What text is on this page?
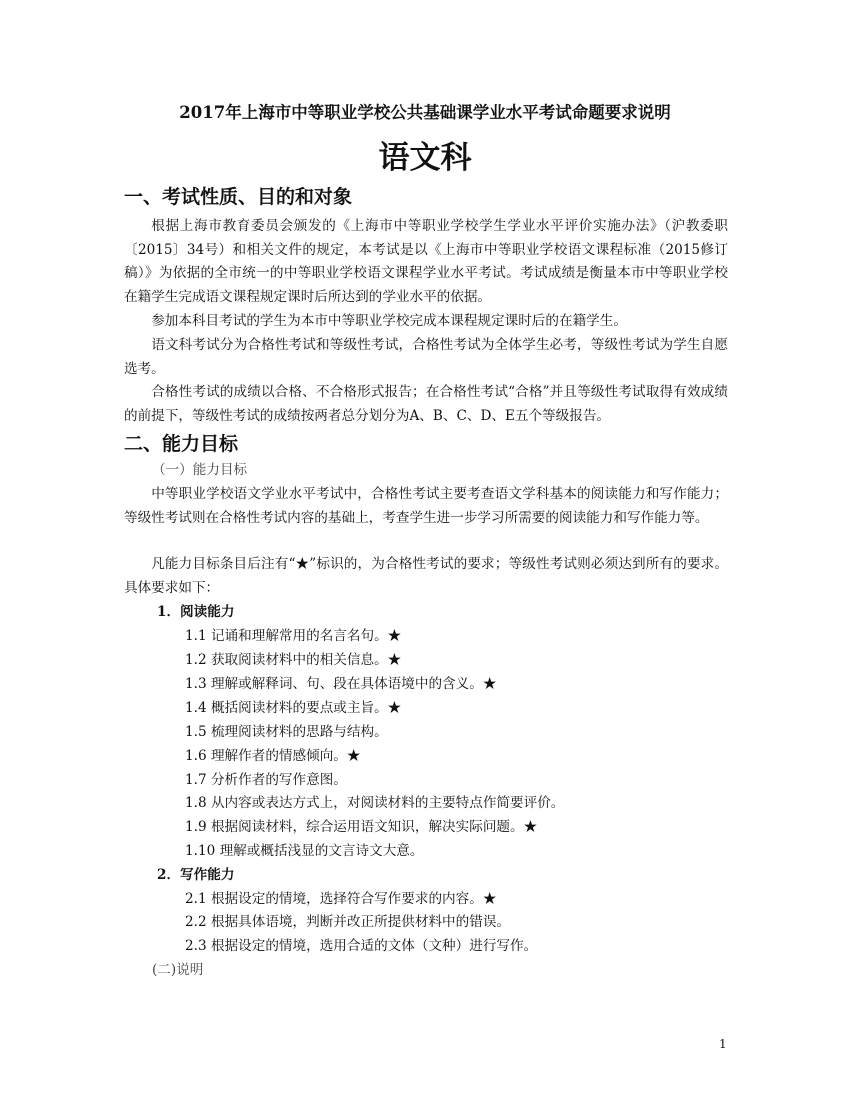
2017年上海市中等职业学校公共基础课学业水平考试命题要求说明
语文科
一、考试性质、目的和对象

根据上海市教育委员会颁发的《上海市中等职业学校学生学业水平评价实施办法》（沪教委职〔2015〕34号）和相关文件的规定，本考试是以《上海市中等职业学校语文课程标准（2015修订稿）》为依据的全市统一的中等职业学校语文课程学业水平考试。考试成绩是衡量本市中等职业学校在籍学生完成语文课程规定课时后所达到的学业水平的依据。

参加本科目考试的学生为本市中等职业学校完成本课程规定课时后的在籍学生。

语文科考试分为合格性考试和等级性考试，合格性考试为全体学生必考，等级性考试为学生自愿选考。

合格性考试的成绩以合格、不合格形式报告；在合格性考试“合格”并且等级性考试取得有效成绩的前提下，等级性考试的成绩按两者总分划分为A、B、C、D、E五个等级报告。

二、能力目标

（一）能力目标

中等职业学校语文学业水平考试中，合格性考试主要考查语文学科基本的阅读能力和写作能力；等级性考试则在合格性考试内容的基础上，考查学生进一步学习所需要的阅读能力和写作能力等。

凡能力目标条目后注有“★”标识的，为合格性考试的要求；等级性考试则必须达到所有的要求。具体要求如下：

1．阅读能力

1.1 记诵和理解常用的名言名句。★

1.2 获取阅读材料中的相关信息。★

1.3 理解或解释词、句、段在具体语境中的含义。★

1.4 概括阅读材料的要点或主旨。★

1.5 梳理阅读材料的思路与结构。

1.6 理解作者的情感倾向。★

1.7 分析作者的写作意图。

1.8 从内容或表达方式上，对阅读材料的主要特点作简要评价。

1.9 根据阅读材料，综合运用语文知识，解决实际问题。★

1.10 理解或概括浅显的文言诗文大意。

2．写作能力

2.1 根据设定的情境，选择符合写作要求的内容。★

2.2 根据具体语境，判断并改正所提供材料中的错误。

2.3 根据设定的情境，选用合适的文体（文种）进行写作。

(二)说明

1
